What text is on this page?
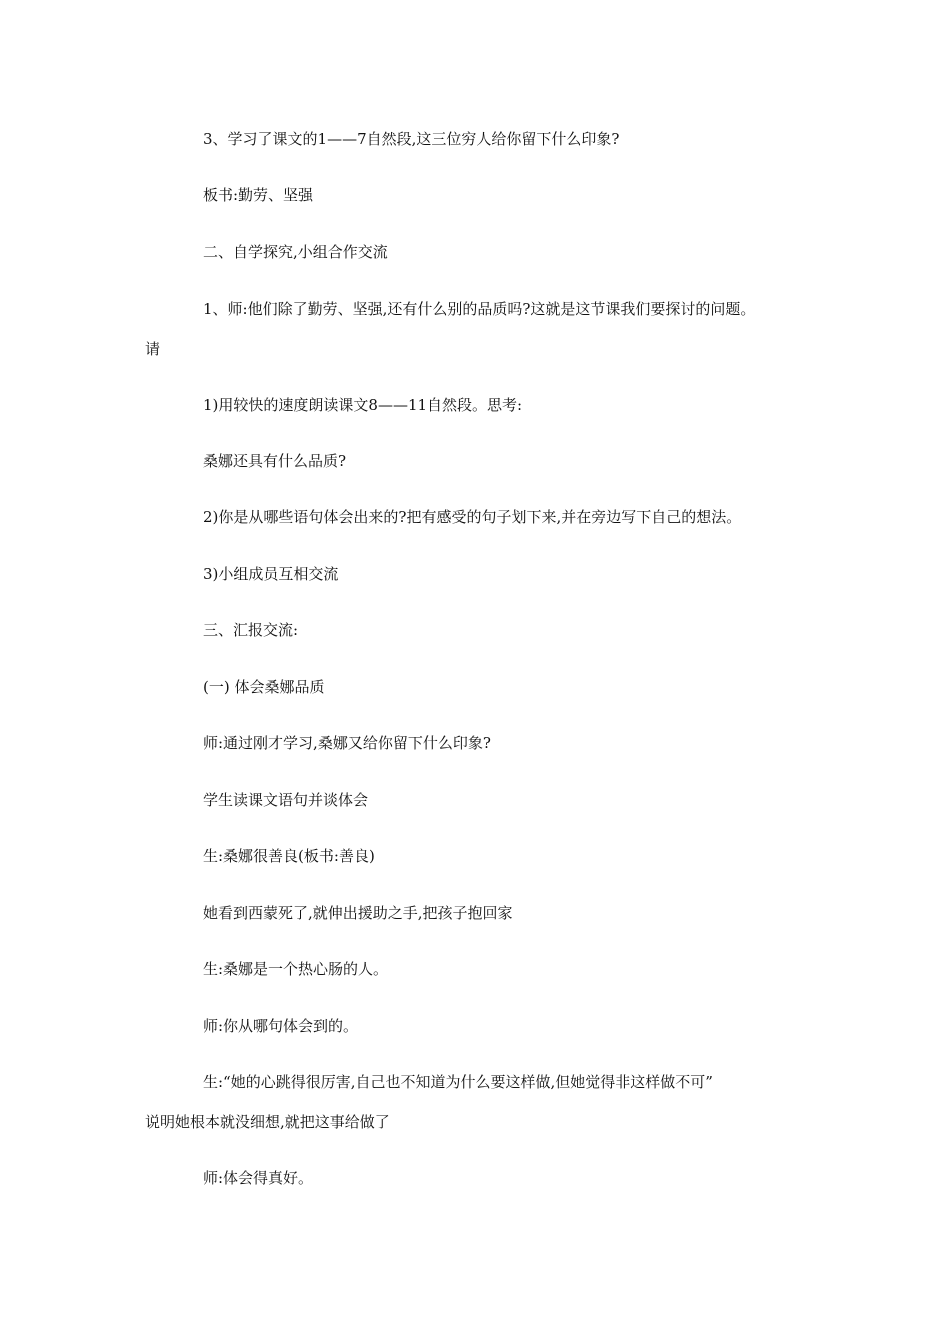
3、学习了课文的1——7自然段,这三位穷人给你留下什么印象?

板书:勤劳、坚强

二、自学探究,小组合作交流

1、师:他们除了勤劳、坚强,还有什么别的品质吗?这就是这节课我们要探讨的问题。

请

1)用较快的速度朗读课文8——11自然段。思考:

桑娜还具有什么品质?

2)你是从哪些语句体会出来的?把有感受的句子划下来,并在旁边写下自己的想法。

3)小组成员互相交流

三、汇报交流:

(一) 体会桑娜品质

师:通过刚才学习,桑娜又给你留下什么印象?

学生读课文语句并谈体会

生:桑娜很善良(板书:善良)

她看到西蒙死了,就伸出援助之手,把孩子抱回家

生:桑娜是一个热心肠的人。

师:你从哪句体会到的。

生:“她的心跳得很厉害,自己也不知道为什么要这样做,但她觉得非这样做不可”

说明她根本就没细想,就把这事给做了

师:体会得真好。
